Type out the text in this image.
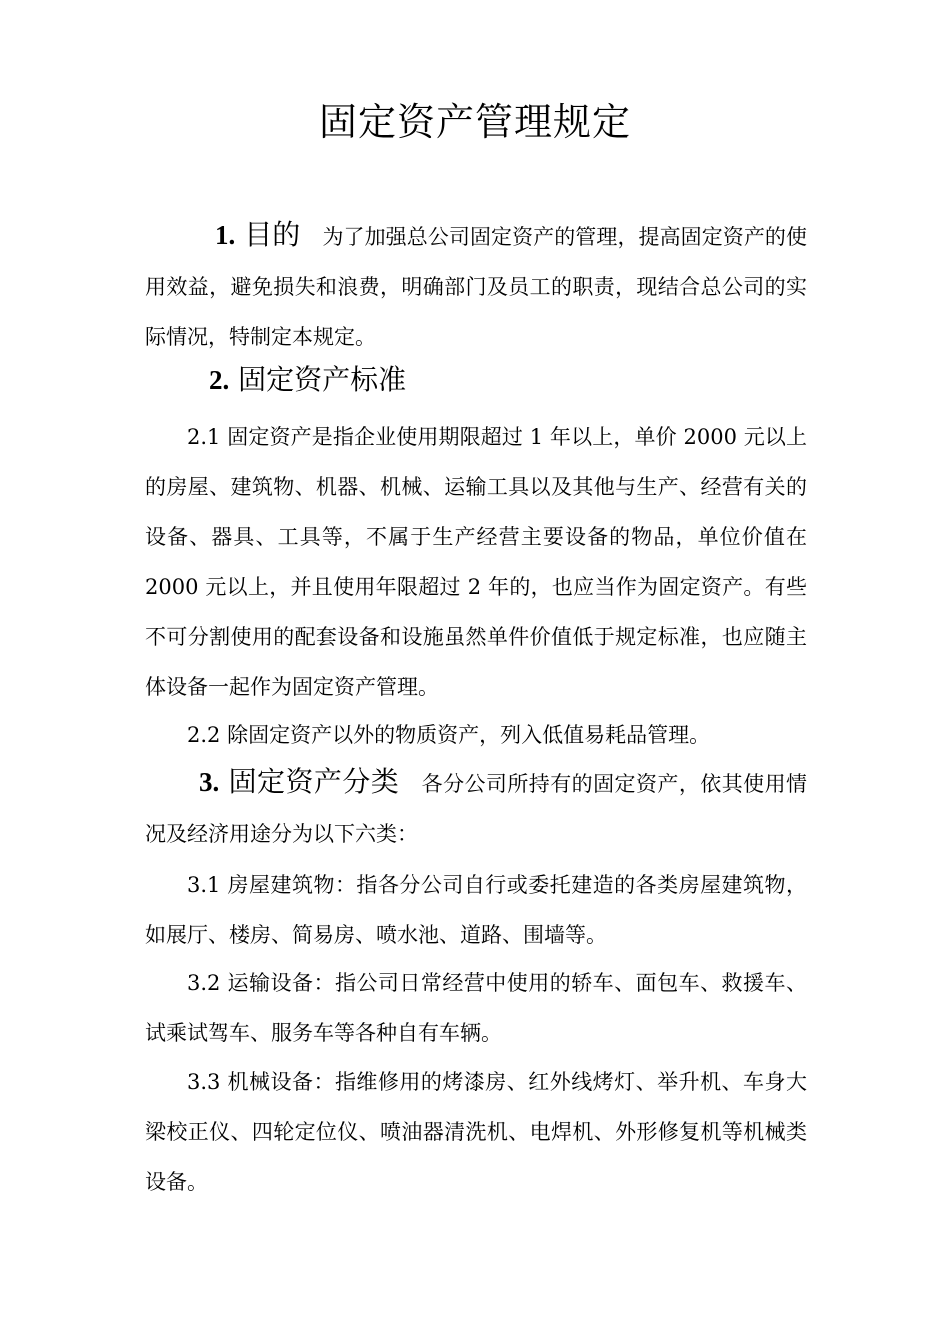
固定资产管理规定
1. 目的 为了加强总公司固定资产的管理，提高固定资产的使用效益，避免损失和浪费，明确部门及员工的职责，现结合总公司的实际情况，特制定本规定。
2. 固定资产标准
2.1 固定资产是指企业使用期限超过 1 年以上，单价 2000 元以上的房屋、建筑物、机器、机械、运输工具以及其他与生产、经营有关的设备、器具、工具等，不属于生产经营主要设备的物品，单位价值在 2000 元以上，并且使用年限超过 2 年的，也应当作为固定资产。有些不可分割使用的配套设备和设施虽然单件价值低于规定标准，也应随主体设备一起作为固定资产管理。
2.2 除固定资产以外的物质资产，列入低值易耗品管理。
3. 固定资产分类 各分公司所持有的固定资产，依其使用情况及经济用途分为以下六类：
3.1 房屋建筑物：指各分公司自行或委托建造的各类房屋建筑物，如展厅、楼房、简易房、喷水池、道路、围墙等。
3.2 运输设备：指公司日常经营中使用的轿车、面包车、救援车、试乘试驾车、服务车等各种自有车辆。
3.3 机械设备：指维修用的烤漆房、红外线烤灯、举升机、车身大梁校正仪、四轮定位仪、喷油器清洗机、电焊机、外形修复机等机械类设备。
